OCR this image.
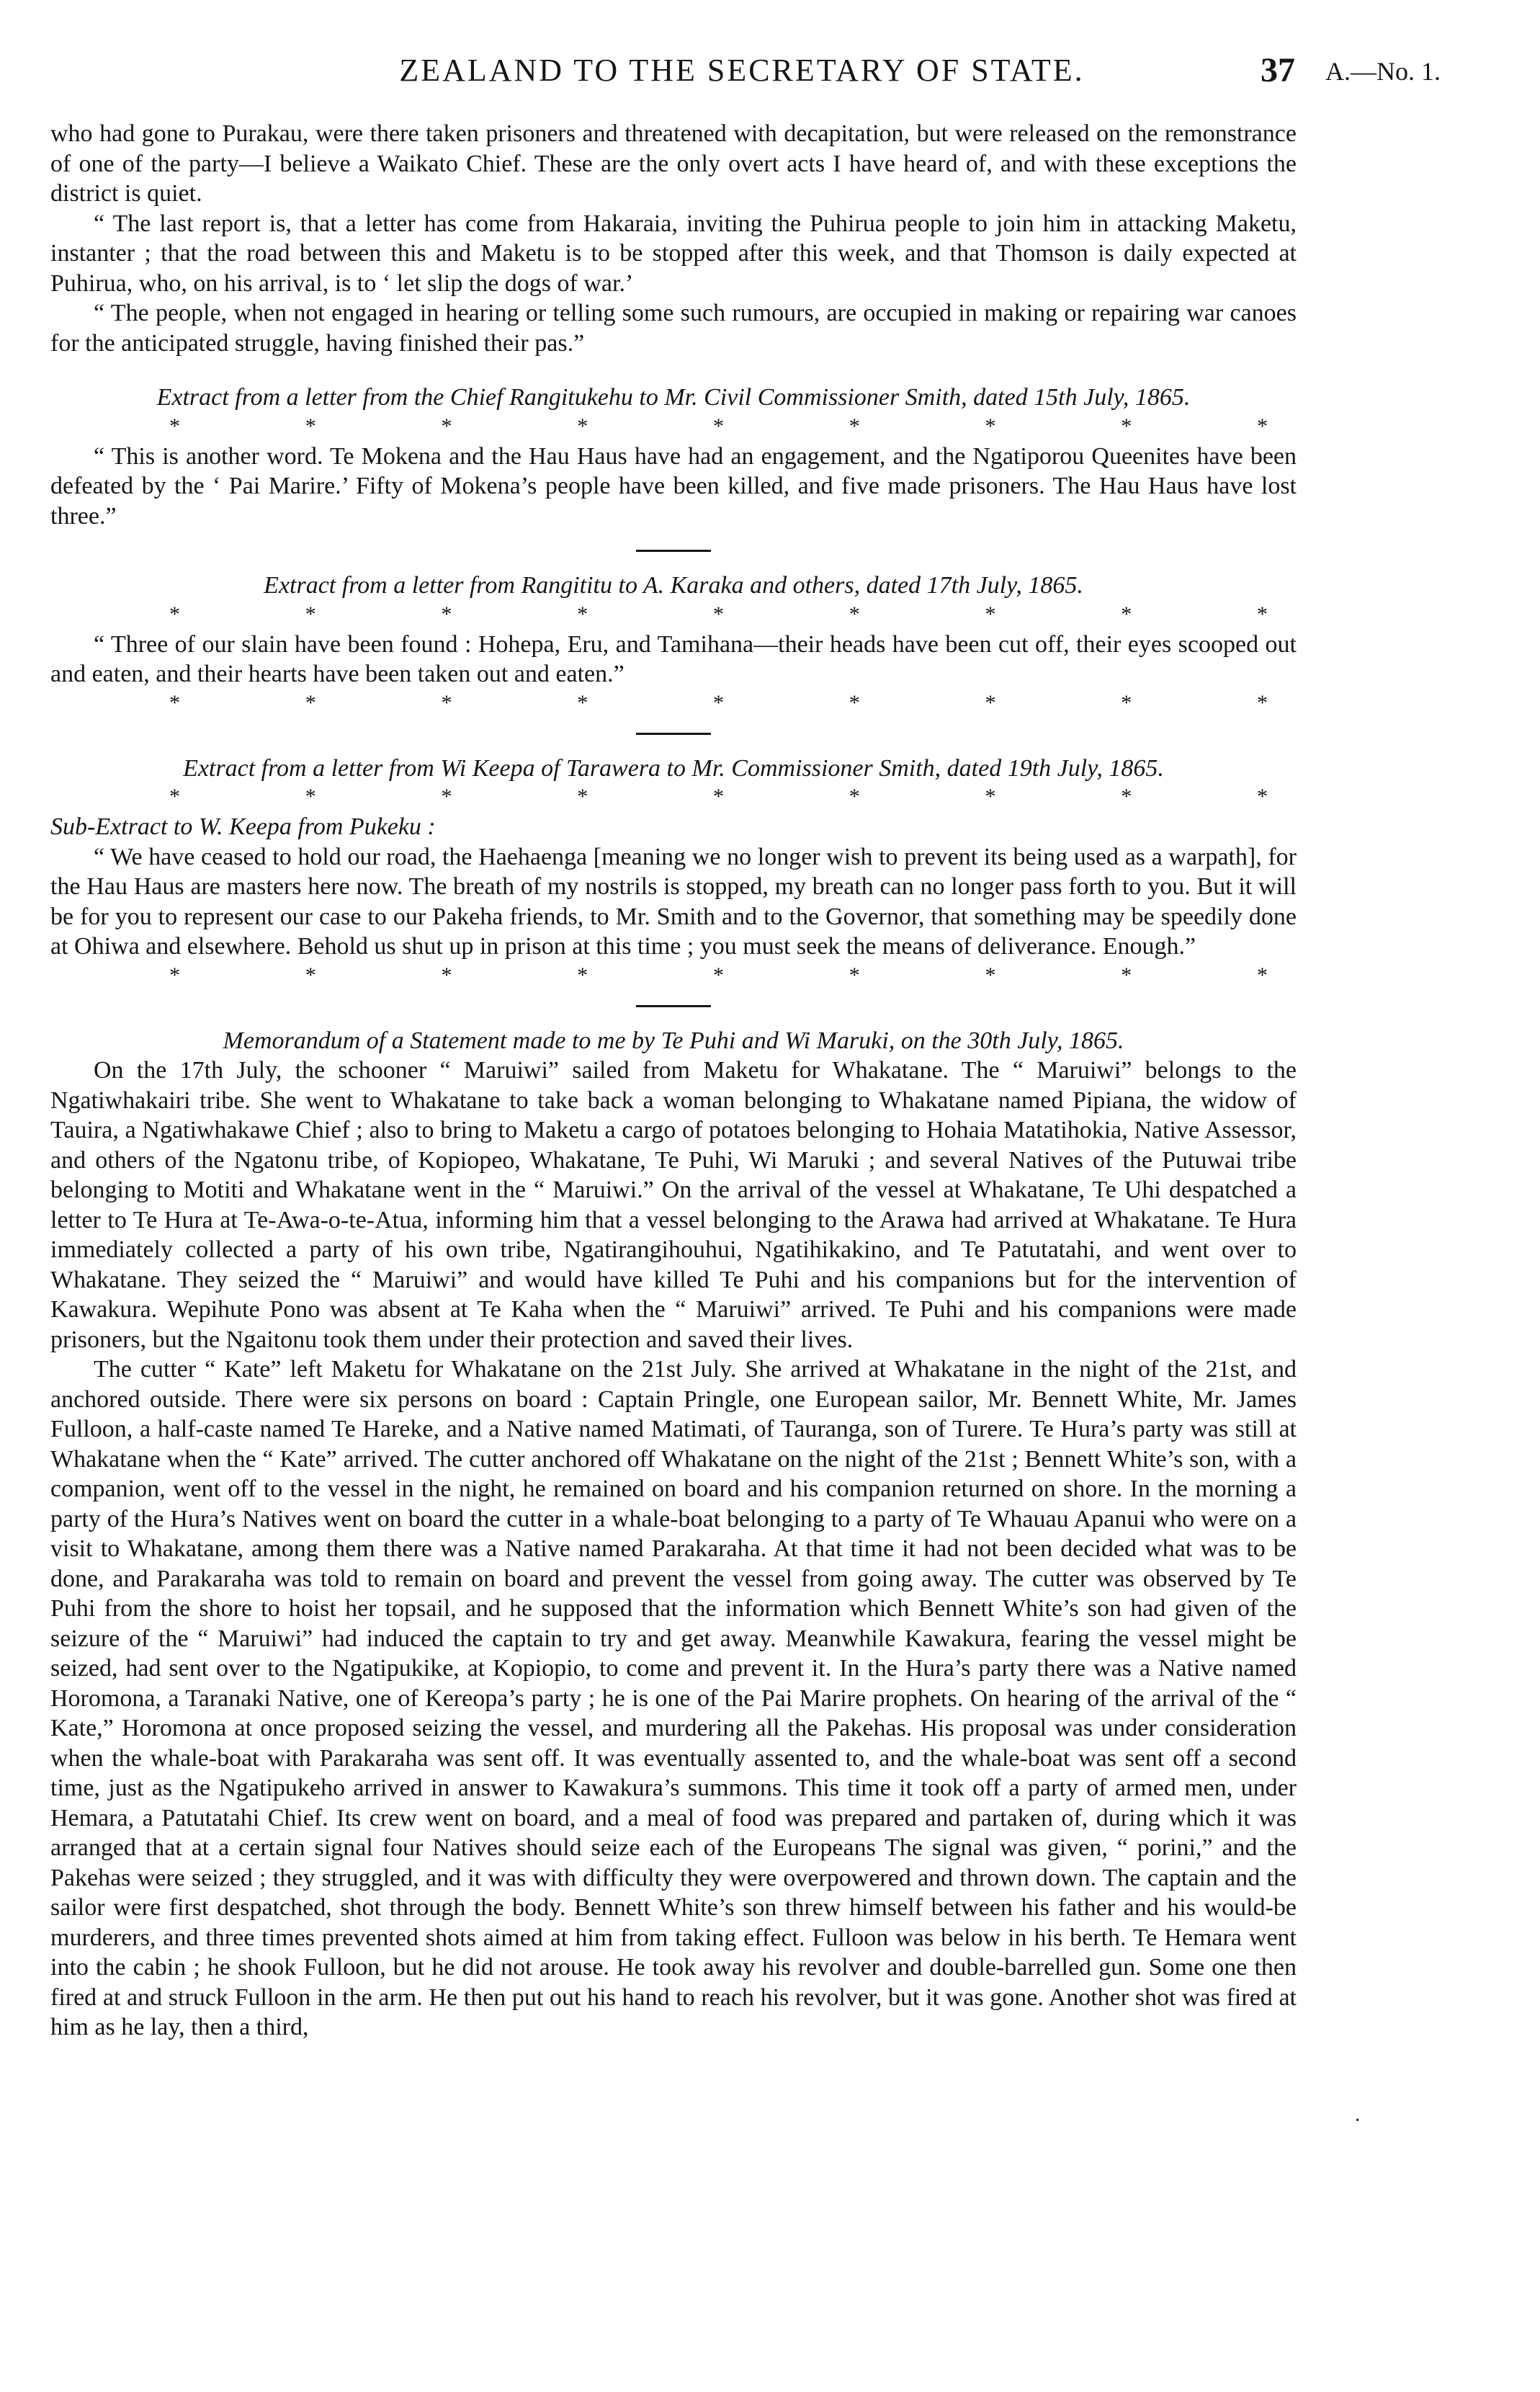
ZEALAND TO THE SECRETARY OF STATE.	37 A.—No. 1.

who had gone to Purakau, were there taken prisoners and threatened with decapitation, but were released on the remonstrance of one of the party—I believe a Waikato Chief. These are the only overt acts I have heard of, and with these exceptions the district is quiet.

“ The last report is, that a letter has come from Hakaraia, inviting the Puhirua people to join him in attacking Maketu, instanter ; that the road between this and Maketu is to be stopped after this week, and that Thomson is daily expected at Puhirua, who, on his arrival, is to ‘ let slip the dogs of war.’

“ The people, when not engaged in hearing or telling some such rumours, are occupied in making or repairing war canoes for the anticipated struggle, having finished their pas.”

Extract from a letter from the Chief Rangitukehu to Mr. Civil Commissioner Smith, dated 15th July, 1865.

*	*	*	*	*	*	*	*	*

“ This is another word. Te Mokena and the Hau Haus have had an engagement, and the Ngatiporou Queenites have been defeated by the ‘ Pai Marire.’ Fifty of Mokena’s people have been killed, and five made prisoners. The Hau Haus have lost three.”

Extract from a letter from Rangititu to A. Karaka and others, dated 17th July, 1865.

*	*	*	*	*	*	*	*	*

“ Three of our slain have been found : Hohepa, Eru, and Tamihana—their heads have been cut off, their eyes scooped out and eaten, and their hearts have been taken out and eaten.”

*	*	*	*	*	*	*	*	*

Extract from a letter from Wi Keepa of Tarawera to Mr. Commissioner Smith, dated 19th July, 1865.

*	*	*	*	*	*	*	*	*

Sub-Extract to W. Keepa from Pukeku :

“ We have ceased to hold our road, the Haehaenga [meaning we no longer wish to prevent its being used as a warpath], for the Hau Haus are masters here now. The breath of my nostrils is stopped, my breath can no longer pass forth to you. But it will be for you to represent our case to our Pakeha friends, to Mr. Smith and to the Governor, that something may be speedily done at Ohiwa and elsewhere. Behold us shut up in prison at this time ; you must seek the means of deliverance. Enough.”

*	*	*	*	*	*	*	*	*

Memorandum of a Statement made to me by Te Puhi and Wi Maruki, on the 30th July, 1865.

On the 17th July, the schooner “ Maruiwi” sailed from Maketu for Whakatane. The “ Maruiwi” belongs to the Ngatiwhakairi tribe. She went to Whakatane to take back a woman belonging to Whakatane named Pipiana, the widow of Tauira, a Ngatiwhakawe Chief ; also to bring to Maketu a cargo of potatoes belonging to Hohaia Matatihokia, Native Assessor, and others of the Ngatonu tribe, of Kopiopeo, Whakatane, Te Puhi, Wi Maruki ; and several Natives of the Putuwai tribe belonging to Motiti and Whakatane went in the “ Maruiwi.” On the arrival of the vessel at Whakatane, Te Uhi despatched a letter to Te Hura at Te-Awa-o-te-Atua, informing him that a vessel belonging to the Arawa had arrived at Whakatane. Te Hura immediately collected a party of his own tribe, Ngatirangihouhui, Ngatihikakino, and Te Patutatahi, and went over to Whakatane. They seized the “ Maruiwi” and would have killed Te Puhi and his companions but for the intervention of Kawakura. Wepihute Pono was absent at Te Kaha when the “ Maruiwi” arrived. Te Puhi and his companions were made prisoners, but the Ngaitonu took them under their protection and saved their lives.

The cutter “ Kate” left Maketu for Whakatane on the 21st July. She arrived at Whakatane in the night of the 21st, and anchored outside. There were six persons on board : Captain Pringle, one European sailor, Mr. Bennett White, Mr. James Fulloon, a half-caste named Te Hareke, and a Native named Matimati, of Tauranga, son of Turere. Te Hura’s party was still at Whakatane when the “ Kate” arrived. The cutter anchored off Whakatane on the night of the 21st ; Bennett White’s son, with a companion, went off to the vessel in the night, he remained on board and his companion returned on shore. In the morning a party of the Hura’s Natives went on board the cutter in a whale-boat belonging to a party of Te Whauau Apanui who were on a visit to Whakatane, among them there was a Native named Parakaraha. At that time it had not been decided what was to be done, and Parakaraha was told to remain on board and prevent the vessel from going away. The cutter was observed by Te Puhi from the shore to hoist her topsail, and he supposed that the information which Bennett White’s son had given of the seizure of the “ Maruiwi” had induced the captain to try and get away. Meanwhile Kawakura, fearing the vessel might be seized, had sent over to the Ngatipukike, at Kopiopio, to come and prevent it. In the Hura’s party there was a Native named Horomona, a Taranaki Native, one of Kereopa’s party ; he is one of the Pai Marire prophets. On hearing of the arrival of the “ Kate,” Horomona at once proposed seizing the vessel, and murdering all the Pakehas. His proposal was under consideration when the whale-boat with Parakaraha was sent off. It was eventually assented to, and the whale-boat was sent off a second time, just as the Ngatipukeho arrived in answer to Kawakura’s summons. This time it took off a party of armed men, under Hemara, a Patutatahi Chief. Its crew went on board, and a meal of food was prepared and partaken of, during which it was arranged that at a certain signal four Natives should seize each of the Europeans The signal was given, “ porini,” and the Pakehas were seized ; they struggled, and it was with difficulty they were overpowered and thrown down. The captain and the sailor were first despatched, shot through the body. Bennett White’s son threw himself between his father and his would-be murderers, and three times prevented shots aimed at him from taking effect. Fulloon was below in his berth. Te Hemara went into the cabin ; he shook Fulloon, but he did not arouse. He took away his revolver and double-barrelled gun. Some one then fired at and struck Fulloon in the arm. He then put out his hand to reach his revolver, but it was gone. Another shot was fired at him as he lay, then a third,

·
